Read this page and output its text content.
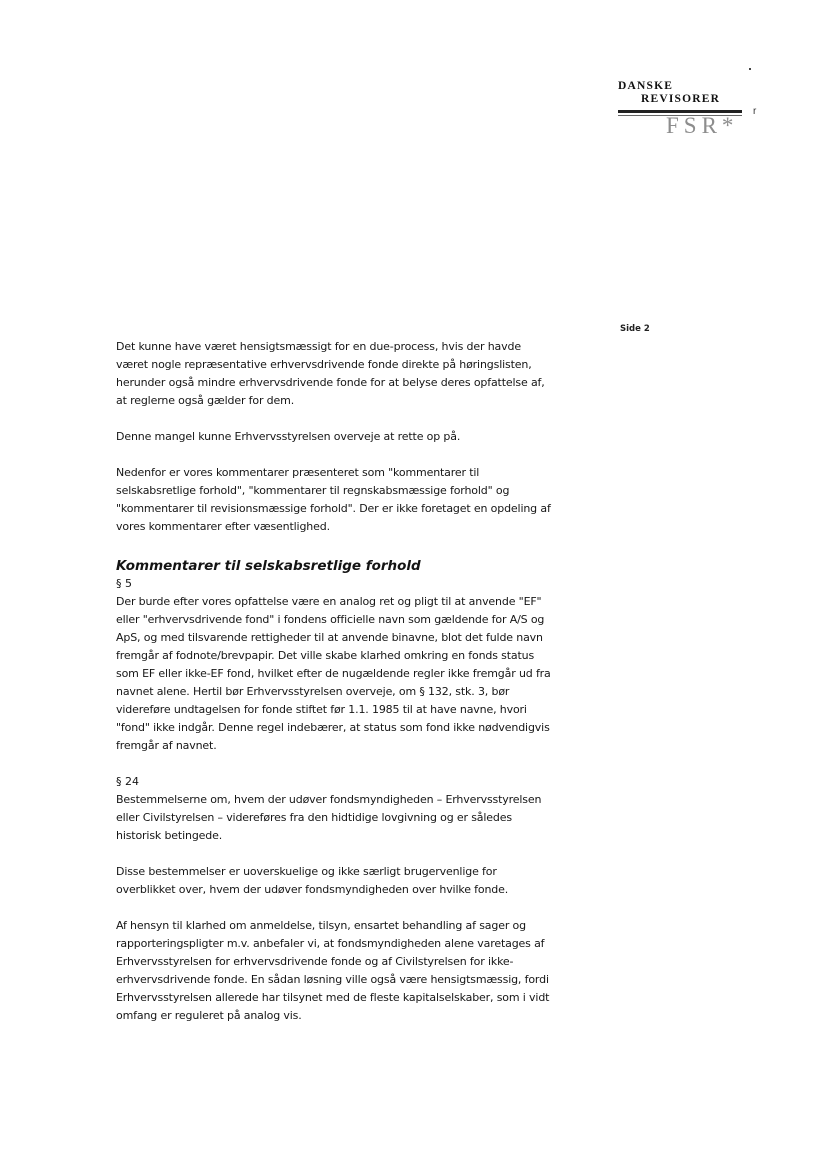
DANSKE
REVISORER
FSR*
r
Side 2

Det kunne have været hensigtsmæssigt for en due-process, hvis der havde
været nogle repræsentative erhvervsdrivende fonde direkte på høringslisten,
herunder også mindre erhvervsdrivende fonde for at belyse deres opfattelse af,
at reglerne også gælder for dem.

Denne mangel kunne Erhvervsstyrelsen overveje at rette op på.

Nedenfor er vores kommentarer præsenteret som "kommentarer til
selskabsretlige forhold", "kommentarer til regnskabsmæssige forhold" og
"kommentarer til revisionsmæssige forhold". Der er ikke foretaget en opdeling af
vores kommentarer efter væsentlighed.

Kommentarer til selskabsretlige forhold

§ 5

Der burde efter vores opfattelse være en analog ret og pligt til at anvende "EF"
eller "erhvervsdrivende fond" i fondens officielle navn som gældende for A/S og
ApS, og med tilsvarende rettigheder til at anvende binavne, blot det fulde navn
fremgår af fodnote/brevpapir. Det ville skabe klarhed omkring en fonds status
som EF eller ikke-EF fond, hvilket efter de nugældende regler ikke fremgår ud fra
navnet alene. Hertil bør Erhvervsstyrelsen overveje, om § 132, stk. 3, bør
videreføre undtagelsen for fonde stiftet før 1.1. 1985 til at have navne, hvori
"fond" ikke indgår. Denne regel indebærer, at status som fond ikke nødvendigvis
fremgår af navnet.

§ 24

Bestemmelserne om, hvem der udøver fondsmyndigheden – Erhvervsstyrelsen
eller Civilstyrelsen – videreføres fra den hidtidige lovgivning og er således
historisk betingede.

Disse bestemmelser er uoverskuelige og ikke særligt brugervenlige for
overblikket over, hvem der udøver fondsmyndigheden over hvilke fonde.

Af hensyn til klarhed om anmeldelse, tilsyn, ensartet behandling af sager og
rapporteringspligter m.v. anbefaler vi, at fondsmyndigheden alene varetages af
Erhvervsstyrelsen for erhvervsdrivende fonde og af Civilstyrelsen for ikke-
erhvervsdrivende fonde. En sådan løsning ville også være hensigtsmæssig, fordi
Erhvervsstyrelsen allerede har tilsynet med de fleste kapitalselskaber, som i vidt
omfang er reguleret på analog vis.
